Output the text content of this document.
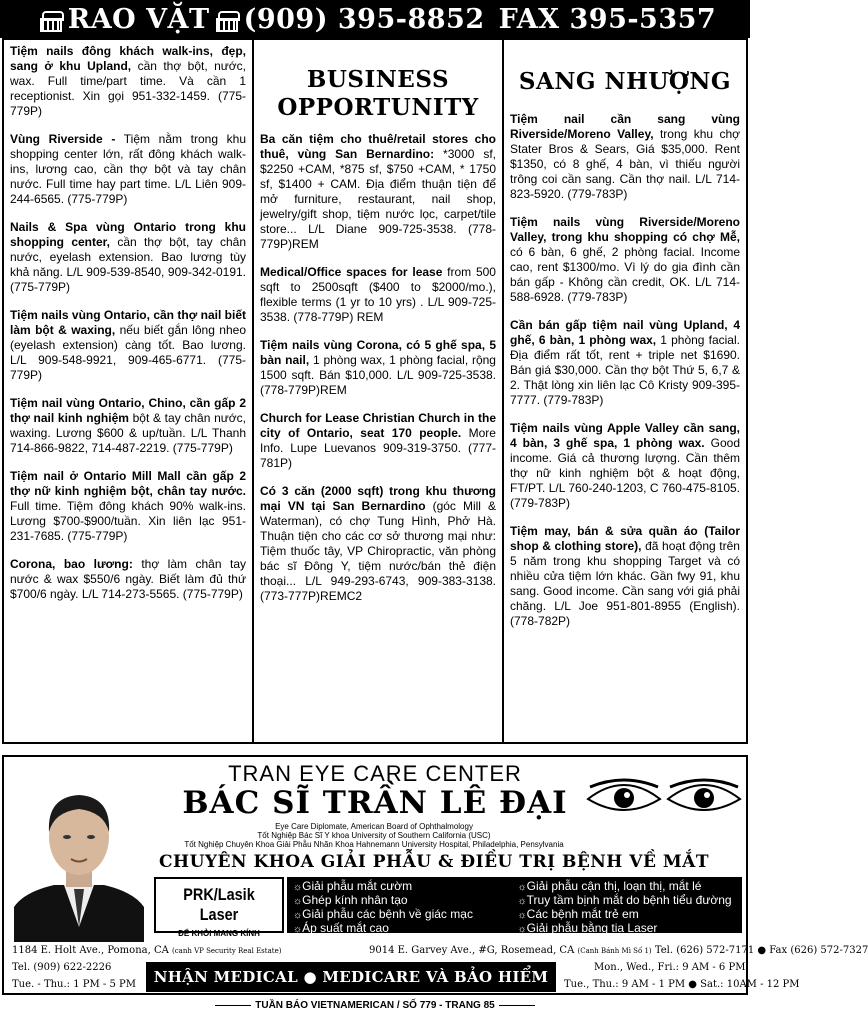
RAO VẶT (909) 395-8852 FAX 395-5357
Tiệm nails đông khách walk-ins, đẹp, sang ở khu Upland, cần thợ bột, nước, wax. Full time/part time. Và cần 1 receptionist. Xin gọi 951-332-1459. (775-779P)
Vùng Riverside - Tiệm nằm trong khu shopping center lớn, rất đông khách walk-ins, lương cao, cần thợ bột và tay chân nước. Full time hay part time. L/L Liên 909-244-6565. (775-779P)
Nails & Spa vùng Ontario trong khu shopping center, cần thợ bột, tay chân nước, eyelash extension. Bao lương tùy khả năng. L/L 909-539-8540, 909-342-0191. (775-779P)
Tiệm nails vùng Ontario, cần thợ nail biết làm bột & waxing, nếu biết gắn lông nheo (eyelash extension) càng tốt. Bao lương. L/L 909-548-9921, 909-465-6771. (775-779P)
Tiệm nail vùng Ontario, Chino, cần gấp 2 thợ nail kinh nghiệm bột & tay chân nước, waxing. Lương $600 & up/tuần. L/L Thanh 714-866-9822, 714-487-2219. (775-779P)
Tiệm nail ở Ontario Mill Mall cần gấp 2 thợ nữ kinh nghiệm bột, chân tay nước. Full time. Tiệm đông khách 90% walk-ins. Lương $700-$900/tuần. Xin liên lạc 951-231-7685. (775-779P)
Corona, bao lương: thợ làm chân tay nước & wax $550/6 ngày. Biết làm đủ thứ $700/6 ngày. L/L 714-273-5565. (775-779P)
BUSINESS
OPPORTUNITY
Ba căn tiệm cho thuê/retail stores cho thuê, vùng San Bernardino: *3000 sf, $2250 +CAM, *875 sf, $750 +CAM, * 1750 sf, $1400 + CAM. Địa điểm thuận tiện để mở furniture, restaurant, nail shop, jewelry/gift shop, tiệm nước lọc, carpet/tile store... L/L Diane 909-725-3538. (778-779P)REM
Medical/Office spaces for lease from 500 sqft to 2500sqft ($400 to $2000/mo.), flexible terms (1 yr to 10 yrs) . L/L 909-725-3538. (778-779P) REM
Tiệm nails vùng Corona, có 5 ghế spa, 5 bàn nail, 1 phòng wax, 1 phòng facial, rộng 1500 sqft. Bán $10,000. L/L 909-725-3538. (778-779P)REM
Church for Lease Christian Church in the city of Ontario, seat 170 people. More Info. Lupe Luevanos 909-319-3750. (777-781P)
Có 3 căn (2000 sqft) trong khu thương mại VN tại San Bernardino (góc Mill & Waterman), có chợ Tung Hình, Phở Hà. Thuận tiện cho các cơ sở thương mại như: Tiệm thuốc tây, VP Chiropractic, văn phòng bác sĩ Đông Y, tiệm nước/bán thẻ điện thoại... L/L 949-293-6743, 909-383-3138. (773-777P)REMC2
SANG NHƯỢNG
Tiệm nail cần sang vùng Riverside/Moreno Valley, trong khu chợ Stater Bros & Sears, Giá $35,000. Rent $1350, có 8 ghế, 4 bàn, vì thiếu người trông coi cần sang. Cần thợ nail. L/L 714-823-5920. (779-783P)
Tiệm nails vùng Riverside/Moreno Valley, trong khu shopping có chợ Mễ, có 6 bàn, 6 ghế, 2 phòng facial. Income cao, rent $1300/mo. Vì lý do gia đình cần bán gấp - Không cần credit, OK. L/L 714-588-6928. (779-783P)
Cần bán gấp tiệm nail vùng Upland, 4 ghế, 6 bàn, 1 phòng wax, 1 phòng facial. Địa điểm rất tốt, rent + triple net $1690. Bán giá $30,000. Cần thợ bột Thứ 5, 6,7 & 2. Thật lòng xin liên lạc Cô Kristy 909-395-7777. (779-783P)
Tiệm nails vùng Apple Valley cần sang, 4 bàn, 3 ghế spa, 1 phòng wax. Good income. Giá cả thương lượng. Cần thêm thợ nữ kinh nghiệm bột & hoạt động, FT/PT. L/L 760-240-1203, C 760-475-8105. (779-783P)
Tiệm may, bán & sửa quần áo (Tailor shop & clothing store), đã hoạt động trên 5 năm trong khu shopping Target và có nhiều cửa tiệm lớn khác. Gần fwy 91, khu sang. Good income. Cần sang với giá phải chăng. L/L Joe 951-801-8955 (English). (778-782P)
TRAN EYE CARE CENTER
BÁC SĨ TRẦN LÊ ĐẠI
Eye Care Diplomate, American Board of Ophthalmology
Tốt Nghiệp Bác Sĩ Y khoa University of Southern California (USC)
Tốt Nghiệp Chuyên Khoa Giải Phẫu Nhãn Khoa Hahnemann University Hospital, Philadelphia, Pensylvania
CHUYÊN KHOA GIẢI PHẪU & ĐIỀU TRỊ BỆNH VỀ MẮT
PRK/Lasik Laser
ĐỂ KHỎI MANG KÍNH
☼ Giải phẫu mắt cườm	☼ Giải phẫu cận thị, loạn thị, mắt lé
☼ Ghép kính nhân tạo	☼ Truy tầm bịnh mắt do bệnh tiểu đường
☼ Giải phẫu các bệnh về giác mạc	☼ Các bệnh mắt trẻ em
☼ Áp suất mắt cao	☼ Giải phẫu bằng tia Laser
1184 E. Holt Ave., Pomona, CA (canh VP Security Real Estate)
Tel. (909) 622-2226
Tue. - Thu.: 1 PM - 5 PM
9014 E. Garvey Ave., #G, Rosemead, CA (Canh Bánh Mì Số 1) Tel. (626) 572-7171 ● Fax (626) 572-7327
Mon., Wed., Fri.: 9 AM - 6 PM
Tue., Thu.: 9 AM - 1 PM ● Sat.: 10AM - 12 PM
NHẬN MEDICAL ● MEDICARE VÀ BẢO HIỂM
TUẦN BÁO VIETNAMERICAN / SỐ 779 - TRANG 85
